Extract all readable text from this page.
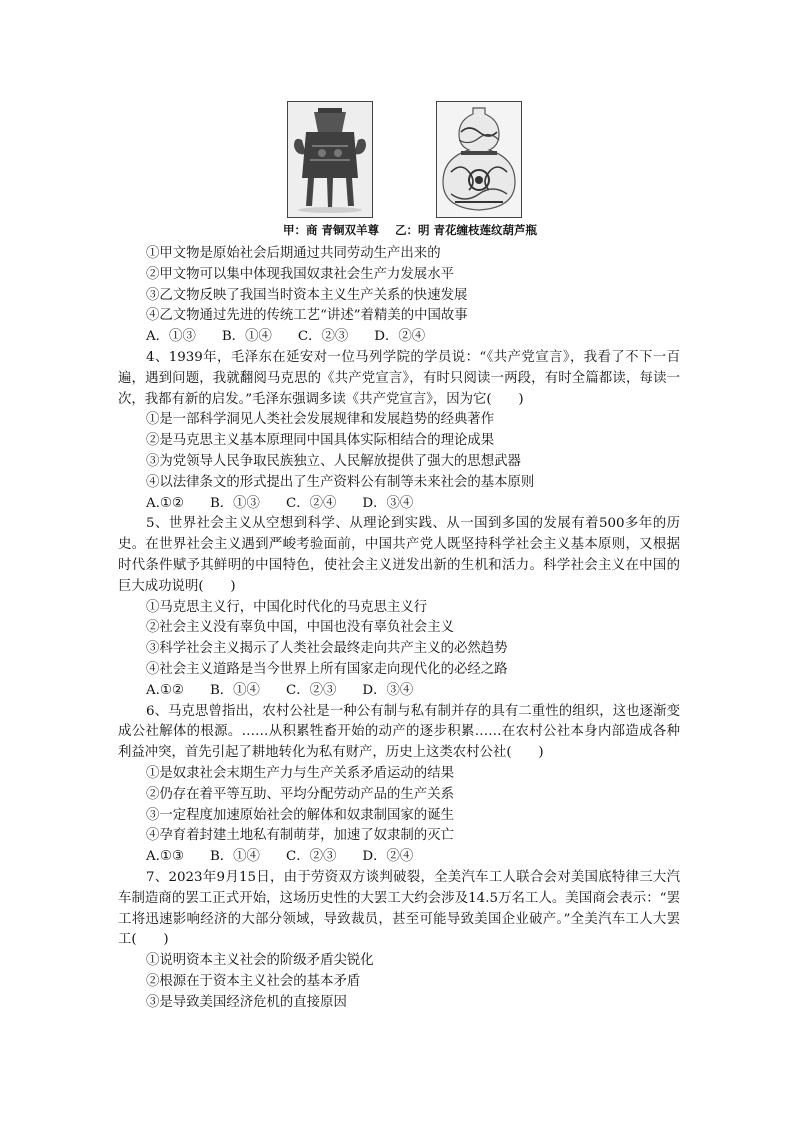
甲：商 青铜双羊尊 乙：明 青花缠枝莲纹葫芦瓶
①甲文物是原始社会后期通过共同劳动生产出来的
②甲文物可以集中体现我国奴隶社会生产力发展水平
③乙文物反映了我国当时资本主义生产关系的快速发展
④乙文物通过先进的传统工艺“讲述”着精美的中国故事
A．①③ B．①④ C．②③ D．②④
4、1939年，毛泽东在延安对一位马列学院的学员说：“《共产党宣言》，我看了不下一百遍，遇到问题，我就翻阅马克思的《共产党宣言》，有时只阅读一两段，有时全篇都读，每读一次，我都有新的启发。”毛泽东强调多读《共产党宣言》，因为它(　　)
①是一部科学洞见人类社会发展规律和发展趋势的经典著作
②是马克思主义基本原理同中国具体实际相结合的理论成果
③为党领导人民争取民族独立、人民解放提供了强大的思想武器
④以法律条文的形式提出了生产资料公有制等未来社会的基本原则
A.①② B．①③ C．②④ D．③④
5、世界社会主义从空想到科学、从理论到实践、从一国到多国的发展有着500多年的历史。在世界社会主义遇到严峻考验面前，中国共产党人既坚持科学社会主义基本原则，又根据时代条件赋予其鲜明的中国特色，使社会主义迸发出新的生机和活力。科学社会主义在中国的巨大成功说明(　　)
①马克思主义行，中国化时代化的马克思主义行
②社会主义没有辜负中国，中国也没有辜负社会主义
③科学社会主义揭示了人类社会最终走向共产主义的必然趋势
④社会主义道路是当今世界上所有国家走向现代化的必经之路
A.①② B．①④ C．②③ D．③④
6、马克思曾指出，农村公社是一种公有制与私有制并存的具有二重性的组织，这也逐渐变成公社解体的根源。……从积累牲畜开始的动产的逐步积累……在农村公社本身内部造成各种利益冲突，首先引起了耕地转化为私有财产，历史上这类农村公社(　　)
①是奴隶社会末期生产力与生产关系矛盾运动的结果
②仍存在着平等互助、平均分配劳动产品的生产关系
③一定程度加速原始社会的解体和奴隶制国家的诞生
④孕育着封建土地私有制萌芽，加速了奴隶制的灭亡
A.①③ B．①④ C．②③ D．②④
7、2023年9月15日，由于劳资双方谈判破裂，全美汽车工人联合会对美国底特律三大汽车制造商的罢工正式开始，这场历史性的大罢工大约会涉及14.5万名工人。美国商会表示：“罢工将迅速影响经济的大部分领域，导致裁员，甚至可能导致美国企业破产。”全美汽车工人大罢工(　　)
①说明资本主义社会的阶级矛盾尖锐化
②根源在于资本主义社会的基本矛盾
③是导致美国经济危机的直接原因
